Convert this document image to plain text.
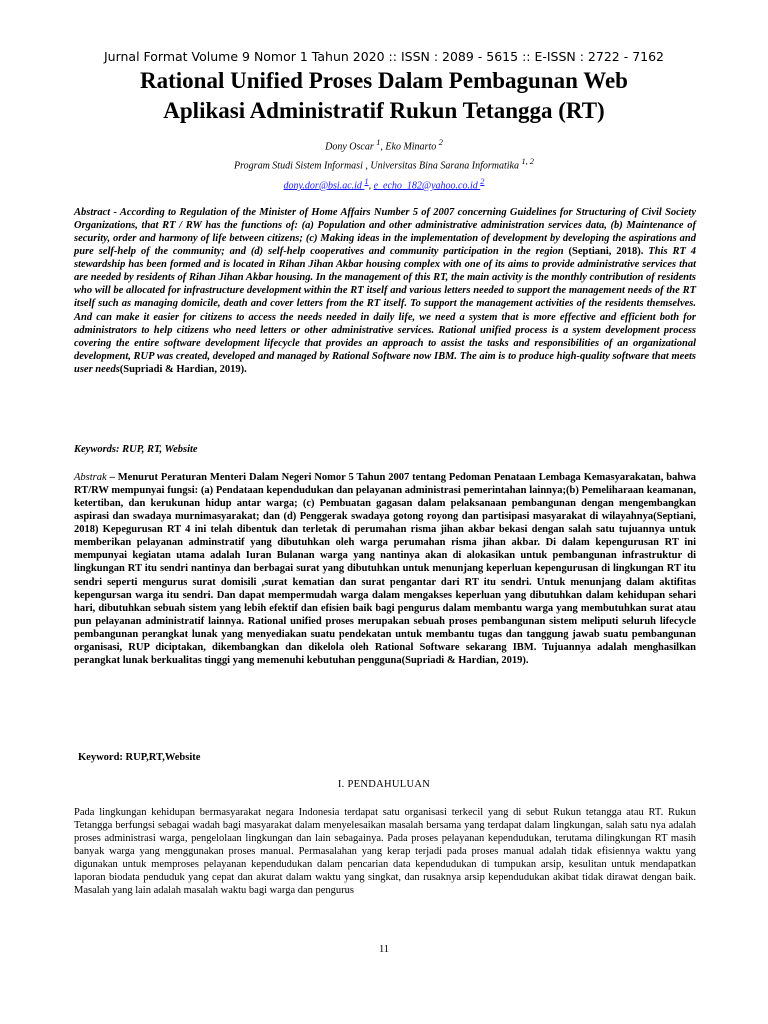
Jurnal Format Volume 9 Nomor 1 Tahun 2020 :: ISSN : 2089 - 5615 :: E-ISSN : 2722 - 7162
Rational Unified Proses Dalam Pembagunan Web
Aplikasi Administratif Rukun Tetangga (RT)
Dony Oscar $^1$, Eko Minarto $^2$
Program Studi Sistem Informasi , Universitas Bina Sarana Informatika $^{1, 2}$
dony.dor@bsi.ac.id $^1$, e_echo_182@yahoo.co.id $^2$
Abstract - According to Regulation of the Minister of Home Affairs Number 5 of 2007 concerning Guidelines for Structuring of Civil Society Organizations, that RT / RW has the functions of: (a) Population and other administrative administration services data, (b) Maintenance of security, order and harmony of life between citizens; (c) Making ideas in the implementation of development by developing the aspirations and pure self-help of the community; and (d) self-help cooperatives and community participation in the region (Septiani, 2018). This RT 4 stewardship has been formed and is located in Rihan Jihan Akbar housing complex with one of its aims to provide administrative services that are needed by residents of Rihan Jihan Akbar housing. In the management of this RT, the main activity is the monthly contribution of residents who will be allocated for infrastructure development within the RT itself and various letters needed to support the management needs of the RT itself such as managing domicile, death and cover letters from the RT itself. To support the management activities of the residents themselves. And can make it easier for citizens to access the needs needed in daily life, we need a system that is more effective and efficient both for administrators to help citizens who need letters or other administrative services. Rational unified process is a system development process covering the entire software development lifecycle that provides an approach to assist the tasks and responsibilities of an organizational development, RUP was created, developed and managed by Rational Software now IBM. The aim is to produce high-quality software that meets user needs(Supriadi & Hardian, 2019).
Keywords: RUP, RT, Website
Abstrak – Menurut Peraturan Menteri Dalam Negeri Nomor 5 Tahun 2007 tentang Pedoman Penataan Lembaga Kemasyarakatan, bahwa RT/RW mempunyai fungsi: (a) Pendataan kependudukan dan pelayanan administrasi pemerintahan lainnya;(b) Pemeliharaan keamanan, ketertiban, dan kerukunan hidup antar warga; (c) Pembuatan gagasan dalam pelaksanaan pembangunan dengan mengembangkan aspirasi dan swadaya murnimasyarakat; dan (d) Penggerak swadaya gotong royong dan partisipasi masyarakat di wilayahnya(Septiani, 2018) Kepegurusan RT 4 ini telah dibentuk dan terletak di perumahan risma jihan akbar bekasi dengan salah satu tujuannya untuk memberikan pelayanan adminstratif yang dibutuhkan oleh warga perumahan risma jihan akbar. Di dalam kepengurusan RT ini mempunyai kegiatan utama adalah Iuran Bulanan warga yang nantinya akan di alokasikan untuk pembangunan infrastruktur di lingkungan RT itu sendri nantinya dan berbagai surat yang dibutuhkan untuk menunjang keperluan kepengurusan di lingkungan RT itu sendri seperti mengurus surat domisili ,surat kematian dan surat pengantar dari RT itu sendri. Untuk menunjang dalam aktifitas kepengursan warga itu sendri. Dan dapat mempermudah warga dalam mengakses keperluan yang dibutuhkan dalam kehidupan sehari hari, dibutuhkan sebuah sistem yang lebih efektif dan efisien baik bagi pengurus dalam membantu warga yang membutuhkan surat atau pun pelayanan administratif lainnya. Rational unified proses merupakan sebuah proses pembangunan sistem meliputi seluruh lifecycle pembangunan perangkat lunak yang menyediakan suatu pendekatan untuk membantu tugas dan tanggung jawab suatu pembangunan organisasi, RUP diciptakan, dikembangkan dan dikelola oleh Rational Software sekarang IBM. Tujuannya adalah menghasilkan perangkat lunak berkualitas tinggi yang memenuhi kebutuhan pengguna(Supriadi & Hardian, 2019).
Keyword: RUP,RT,Website
I. PENDAHULUAN
Pada lingkungan kehidupan bermasyarakat negara Indonesia terdapat satu organisasi terkecil yang di sebut Rukun tetangga atau RT. Rukun Tetangga berfungsi sebagai wadah bagi masyarakat dalam menyelesaikan masalah bersama yang terdapat dalam lingkungan, salah satu nya adalah proses administrasi warga, pengelolaan lingkungan dan lain sebagainya. Pada proses pelayanan kependudukan, terutama dilingkungan RT masih banyak warga yang menggunakan proses manual. Permasalahan yang kerap terjadi pada proses manual adalah tidak efisiennya waktu yang digunakan untuk memproses pelayanan kependudukan dalam pencarian data kependudukan di tumpukan arsip, kesulitan untuk mendapatkan laporan biodata penduduk yang cepat dan akurat dalam waktu yang singkat, dan rusaknya arsip kependudukan akibat tidak dirawat dengan baik. Masalah yang lain adalah masalah waktu bagi warga dan pengurus
11
